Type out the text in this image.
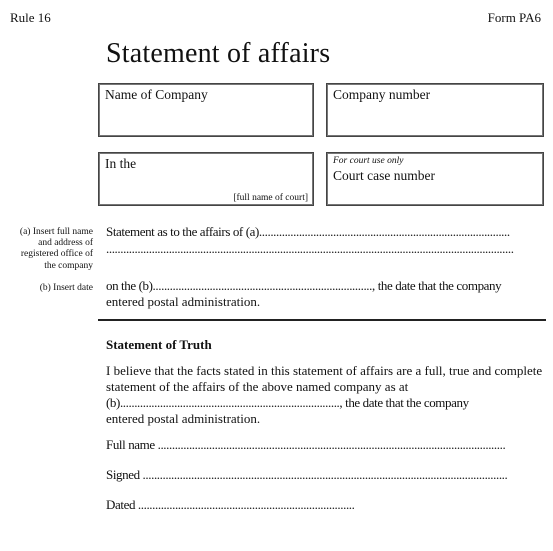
Rule 16	Form PA6
Statement of affairs
Name of Company	Company number
In the
[full name of court]
For court use only
Court case number
(a) Insert full name
and address of
registered office of
the company
(b) Insert date
Statement as to the affairs of (a)........................................................................................
...............................................................................................................................................
on the (b)............................................................................., the date that the company
entered postal administration.
Statement of Truth
I believe that the facts stated in this statement of affairs are a full, true and complete
statement of the affairs of the above named company as at
(b)............................................................................., the date that the company
entered postal administration.
Full name ..........................................................................................................................
Signed ................................................................................................................................
Dated ............................................................................
